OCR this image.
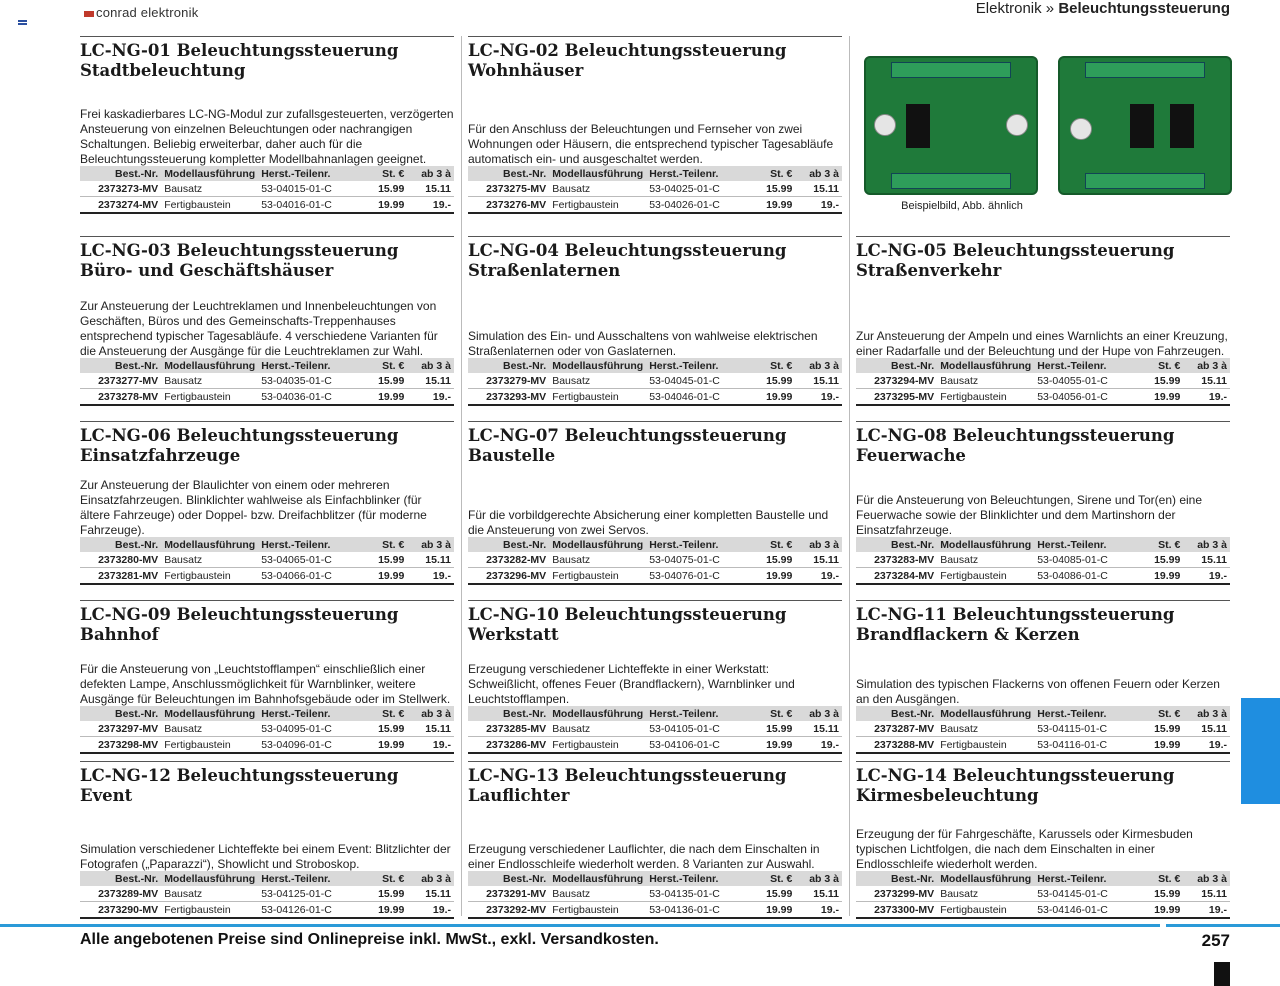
conrad elektronik	Elektronik » Beleuchtungssteuerung
Beispielbild, Abb. ähnlich
LC-NG-01 Beleuchtungssteuerung Stadtbeleuchtung
Frei kaskadierbares LC-NG-Modul zur zufallsgesteuerten, verzögerten Ansteuerung von einzelnen Beleuchtungen oder nachrangigen Schaltungen. Beliebig erweiterbar, daher auch für die Beleuchtungssteuerung kompletter Modellbahnanlagen geeignet.
Best.-Nr.	Modellausführung	Herst.-Teilenr.	St. €	ab 3 à
2373273-MV	Bausatz	53-04015-01-C	15.99	15.11
2373274-MV	Fertigbaustein	53-04016-01-C	19.99	19.-
LC-NG-02 Beleuchtungssteuerung Wohnhäuser
Für den Anschluss der Beleuchtungen und Fernseher von zwei Wohnungen oder Häusern, die entsprechend typischer Tagesabläufe automatisch ein- und ausgeschaltet werden.
Best.-Nr.	Modellausführung	Herst.-Teilenr.	St. €	ab 3 à
2373275-MV	Bausatz	53-04025-01-C	15.99	15.11
2373276-MV	Fertigbaustein	53-04026-01-C	19.99	19.-
LC-NG-03 Beleuchtungssteuerung Büro- und Geschäftshäuser
Zur Ansteuerung der Leuchtreklamen und Innenbeleuchtungen von Geschäften, Büros und des Gemeinschafts-Treppenhauses entsprechend typischer Tagesabläufe. 4 verschiedene Varianten für die Ansteuerung der Ausgänge für die Leuchtreklamen zur Wahl.
Best.-Nr.	Modellausführung	Herst.-Teilenr.	St. €	ab 3 à
2373277-MV	Bausatz	53-04035-01-C	15.99	15.11
2373278-MV	Fertigbaustein	53-04036-01-C	19.99	19.-
LC-NG-04 Beleuchtungssteuerung Straßenlaternen
Simulation des Ein- und Ausschaltens von wahlweise elektrischen Straßenlaternen oder von Gaslaternen.
Best.-Nr.	Modellausführung	Herst.-Teilenr.	St. €	ab 3 à
2373279-MV	Bausatz	53-04045-01-C	15.99	15.11
2373293-MV	Fertigbaustein	53-04046-01-C	19.99	19.-
LC-NG-05 Beleuchtungssteuerung Straßenverkehr
Zur Ansteuerung der Ampeln und eines Warnlichts an einer Kreuzung, einer Radarfalle und der Beleuchtung und der Hupe von Fahrzeugen.
Best.-Nr.	Modellausführung	Herst.-Teilenr.	St. €	ab 3 à
2373294-MV	Bausatz	53-04055-01-C	15.99	15.11
2373295-MV	Fertigbaustein	53-04056-01-C	19.99	19.-
LC-NG-06 Beleuchtungssteuerung Einsatzfahrzeuge
Zur Ansteuerung der Blaulichter von einem oder mehreren Einsatzfahrzeugen. Blinklichter wahlweise als Einfachblinker (für ältere Fahrzeuge) oder Doppel- bzw. Dreifachblitzer (für moderne Fahrzeuge).
Best.-Nr.	Modellausführung	Herst.-Teilenr.	St. €	ab 3 à
2373280-MV	Bausatz	53-04065-01-C	15.99	15.11
2373281-MV	Fertigbaustein	53-04066-01-C	19.99	19.-
LC-NG-07 Beleuchtungssteuerung Baustelle
Für die vorbildgerechte Absicherung einer kompletten Baustelle und die Ansteuerung von zwei Servos.
Best.-Nr.	Modellausführung	Herst.-Teilenr.	St. €	ab 3 à
2373282-MV	Bausatz	53-04075-01-C	15.99	15.11
2373296-MV	Fertigbaustein	53-04076-01-C	19.99	19.-
LC-NG-08 Beleuchtungssteuerung Feuerwache
Für die Ansteuerung von Beleuchtungen, Sirene und Tor(en) eine Feuerwache sowie der Blinklichter und dem Martinshorn der Einsatzfahrzeuge.
Best.-Nr.	Modellausführung	Herst.-Teilenr.	St. €	ab 3 à
2373283-MV	Bausatz	53-04085-01-C	15.99	15.11
2373284-MV	Fertigbaustein	53-04086-01-C	19.99	19.-
LC-NG-09 Beleuchtungssteuerung Bahnhof
Für die Ansteuerung von „Leuchtstofflampen“ einschließlich einer defekten Lampe, Anschlussmöglichkeit für Warnblinker, weitere Ausgänge für Beleuchtungen im Bahnhofsgebäude oder im Stellwerk.
Best.-Nr.	Modellausführung	Herst.-Teilenr.	St. €	ab 3 à
2373297-MV	Bausatz	53-04095-01-C	15.99	15.11
2373298-MV	Fertigbaustein	53-04096-01-C	19.99	19.-
LC-NG-10 Beleuchtungssteuerung Werkstatt
Erzeugung verschiedener Lichteffekte in einer Werkstatt: Schweißlicht, offenes Feuer (Brandflackern), Warnblinker und Leuchtstofflampen.
Best.-Nr.	Modellausführung	Herst.-Teilenr.	St. €	ab 3 à
2373285-MV	Bausatz	53-04105-01-C	15.99	15.11
2373286-MV	Fertigbaustein	53-04106-01-C	19.99	19.-
LC-NG-11 Beleuchtungssteuerung Brandflackern & Kerzen
Simulation des typischen Flackerns von offenen Feuern oder Kerzen an den Ausgängen.
Best.-Nr.	Modellausführung	Herst.-Teilenr.	St. €	ab 3 à
2373287-MV	Bausatz	53-04115-01-C	15.99	15.11
2373288-MV	Fertigbaustein	53-04116-01-C	19.99	19.-
LC-NG-12 Beleuchtungssteuerung Event
Simulation verschiedener Lichteffekte bei einem Event: Blitzlichter der Fotografen („Paparazzi“), Showlicht und Stroboskop.
Best.-Nr.	Modellausführung	Herst.-Teilenr.	St. €	ab 3 à
2373289-MV	Bausatz	53-04125-01-C	15.99	15.11
2373290-MV	Fertigbaustein	53-04126-01-C	19.99	19.-
LC-NG-13 Beleuchtungssteuerung Lauflichter
Erzeugung verschiedener Lauflichter, die nach dem Einschalten in einer Endlosschleife wiederholt werden. 8 Varianten zur Auswahl.
Best.-Nr.	Modellausführung	Herst.-Teilenr.	St. €	ab 3 à
2373291-MV	Bausatz	53-04135-01-C	15.99	15.11
2373292-MV	Fertigbaustein	53-04136-01-C	19.99	19.-
LC-NG-14 Beleuchtungssteuerung Kirmesbeleuchtung
Erzeugung der für Fahrgeschäfte, Karussels oder Kirmesbuden typischen Lichtfolgen, die nach dem Einschalten in einer Endlosschleife wiederholt werden.
Best.-Nr.	Modellausführung	Herst.-Teilenr.	St. €	ab 3 à
2373299-MV	Bausatz	53-04145-01-C	15.99	15.11
2373300-MV	Fertigbaustein	53-04146-01-C	19.99	19.-
Alle angebotenen Preise sind Onlinepreise inkl. MwSt., exkl. Versandkosten.	257
